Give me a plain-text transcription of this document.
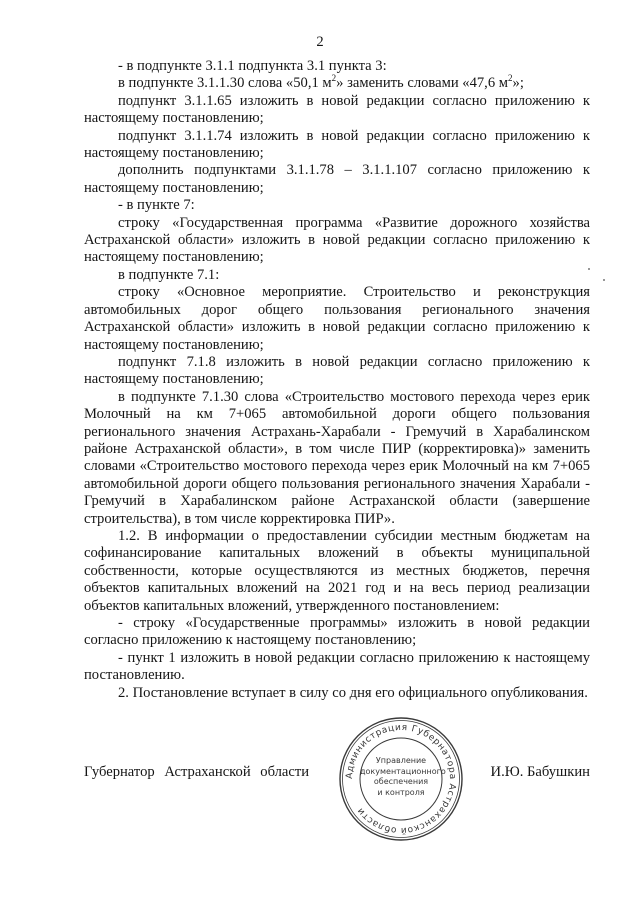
2

- в подпункте 3.1.1 подпункта 3.1 пункта 3:

в подпункте 3.1.1.30 слова «50,1 $м^2$» заменить словами «47,6 $м^2$»;

подпункт 3.1.1.65 изложить в новой редакции согласно приложению к настоящему постановлению;

подпункт 3.1.1.74 изложить в новой редакции согласно приложению к настоящему постановлению;

дополнить подпунктами 3.1.1.78 – 3.1.1.107 согласно приложению к настоящему постановлению;

- в пункте 7:

строку «Государственная программа «Развитие дорожного хозяйства Астраханской области» изложить в новой редакции согласно приложению к настоящему постановлению;

в подпункте 7.1:

строку «Основное мероприятие. Строительство и реконструкция автомобильных дорог общего пользования регионального значения Астраханской области» изложить в новой редакции согласно приложению к настоящему постановлению;

подпункт 7.1.8 изложить в новой редакции согласно приложению к настоящему постановлению;

в подпункте 7.1.30 слова «Строительство мостового перехода через ерик Молочный на км 7+065 автомобильной дороги общего пользования регионального значения Астрахань-Харабали - Гремучий в Харабалинском районе Астраханской области», в том числе ПИР (корректировка)» заменить словами «Строительство мостового перехода через ерик Молочный на км 7+065 автомобильной дороги общего пользования регионального значения Харабали - Гремучий в Харабалинском районе Астраханской области (завершение строительства), в том числе корректировка ПИР».

1.2. В информации о предоставлении субсидии местным бюджетам на софинансирование капитальных вложений в объекты муниципальной собственности, которые осуществляются из местных бюджетов, перечня объектов капитальных вложений на 2021 год и на весь период реализации объектов капитальных вложений, утвержденного постановлением:

- строку «Государственные программы» изложить в новой редакции согласно приложению к настоящему постановлению;

- пункт 1 изложить в новой редакции согласно приложению к настоящему постановлению.

2. Постановление вступает в силу со дня его официального опубликования.

Губернатор Астраханской области	И.Ю. Бабушкин
Администрация Губернатора Астраханской области
Управление
документационного
обеспечения
и контроля
